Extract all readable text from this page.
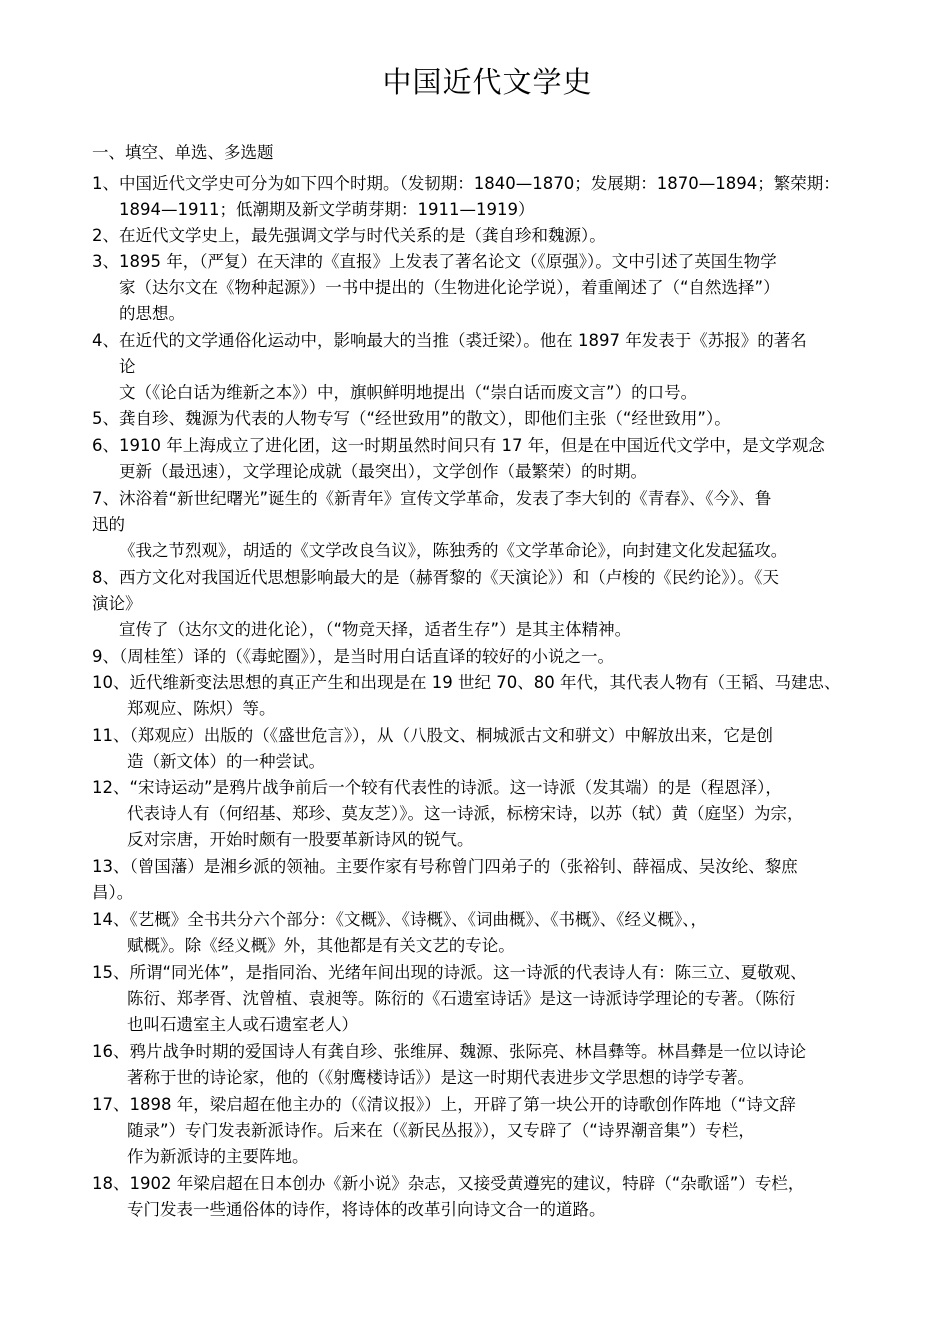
中国近代文学史
一、填空、单选、多选题
1、中国近代文学史可分为如下四个时期。（发韧期：1840—1870；发展期：1870—1894；繁荣期：
1894—1911；低潮期及新文学萌芽期：1911—1919）
2、在近代文学史上，最先强调文学与时代关系的是（龚自珍和魏源）。
3、1895 年，（严复）在天津的《直报》上发表了著名论文（《原强》）。文中引述了英国生物学
家（达尔文在《物种起源》）一书中提出的（生物进化论学说），着重阐述了（“自然选择”）
的思想。
4、在近代的文学通俗化运动中，影响最大的当推（裘迁梁）。他在 1897 年发表于《苏报》的著名
论
文（《论白话为维新之本》）中，旗帜鲜明地提出（“崇白话而废文言”）的口号。
5、龚自珍、魏源为代表的人物专写（“经世致用”的散文），即他们主张（“经世致用”）。
6、1910 年上海成立了进化团，这一时期虽然时间只有 17 年，但是在中国近代文学中，是文学观念
更新（最迅速），文学理论成就（最突出），文学创作（最繁荣）的时期。
7、沐浴着“新世纪曙光”诞生的《新青年》宣传文学革命，发表了李大钊的《青春》、《今》、鲁
迅的
《我之节烈观》，胡适的《文学改良刍议》，陈独秀的《文学革命论》，向封建文化发起猛攻。
8、西方文化对我国近代思想影响最大的是（赫胥黎的《天演论》）和（卢梭的《民约论》）。《天
演论》
宣传了（达尔文的进化论），（“物竞天择，适者生存”）是其主体精神。
9、（周桂笙）译的（《毒蛇圈》），是当时用白话直译的较好的小说之一。
10、近代维新变法思想的真正产生和出现是在 19 世纪 70、80 年代，其代表人物有（王韬、马建忠、
郑观应、陈炽）等。
11、（郑观应）出版的（《盛世危言》），从（八股文、桐城派古文和骈文）中解放出来，它是创
造（新文体）的一种尝试。
12、“宋诗运动”是鸦片战争前后一个较有代表性的诗派。这一诗派（发其端）的是（程恩泽），
代表诗人有（何绍基、郑珍、莫友芝）》。这一诗派，标榜宋诗，以苏（轼）黄（庭坚）为宗，
反对宗唐，开始时颇有一股要革新诗风的锐气。
13、（曾国藩）是湘乡派的领袖。主要作家有号称曾门四弟子的（张裕钊、薛福成、吴汝纶、黎庶
昌）。
14、《艺概》全书共分六个部分：《文概》、《诗概》、《词曲概》、《书概》、《经义概》、，
赋概》。除《经义概》外，其他都是有关文艺的专论。
15、所谓“同光体”，是指同治、光绪年间出现的诗派。这一诗派的代表诗人有：陈三立、夏敬观、
陈衍、郑孝胥、沈曾植、袁昶等。陈衍的《石遗室诗话》是这一诗派诗学理论的专著。（陈衍
也叫石遗室主人或石遗室老人）
16、鸦片战争时期的爱国诗人有龚自珍、张维屏、魏源、张际亮、林昌彝等。林昌彝是一位以诗论
著称于世的诗论家，他的（《射鹰楼诗话》）是这一时期代表进步文学思想的诗学专著。
17、1898 年，梁启超在他主办的（《清议报》）上，开辟了第一块公开的诗歌创作阵地（“诗文辞
随录”）专门发表新派诗作。后来在（《新民丛报》），又专辟了（“诗界潮音集”）专栏，
作为新派诗的主要阵地。
18、1902 年梁启超在日本创办《新小说》杂志，又接受黄遵宪的建议，特辟（“杂歌谣”）专栏，
专门发表一些通俗体的诗作，将诗体的改革引向诗文合一的道路。
